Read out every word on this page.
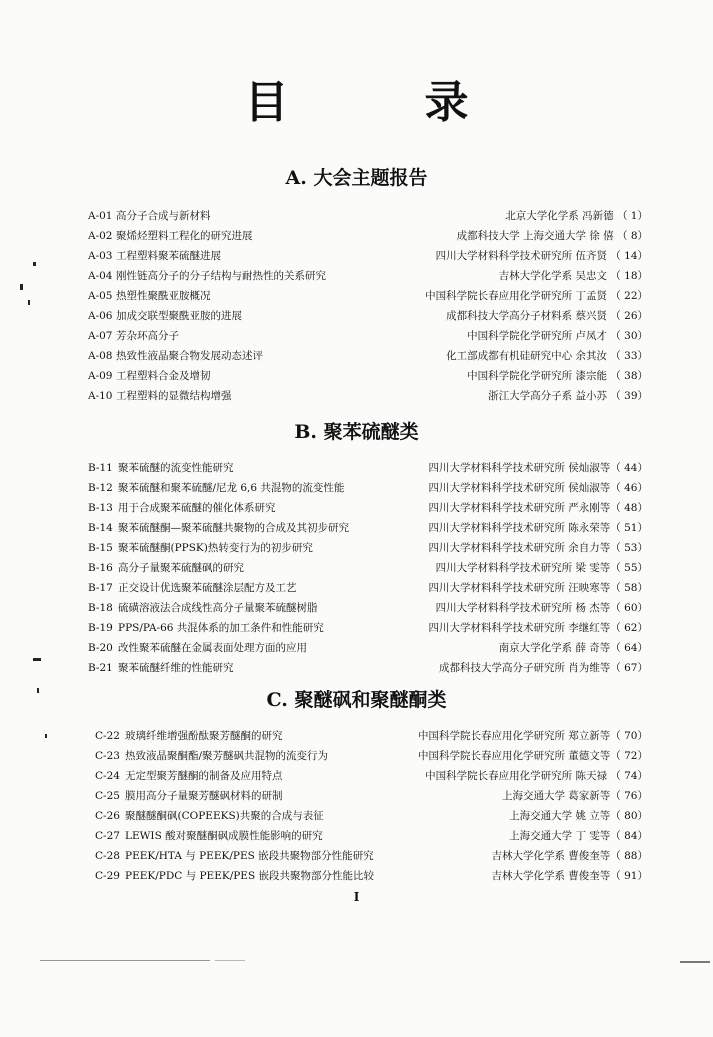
目　录
A. 大会主题报告
A-01 高分子合成与新材料	北京大学化学系 冯新德 （ 1）
A-02 聚烯烃塑料工程化的研究进展	成都科技大学 上海交通大学 徐 僖 （ 8）
A-03 工程塑料聚苯硫醚进展	四川大学材料科学技术研究所 伍齐贤 （ 14）
A-04 刚性链高分子的分子结构与耐热性的关系研究	吉林大学化学系 吴忠文 （ 18）
A-05 热塑性聚酰亚胺概况	中国科学院长春应用化学研究所 丁孟贤 （ 22）
A-06 加成交联型聚酰亚胺的进展	成都科技大学高分子材料系 蔡兴贤 （ 26）
A-07 芳杂环高分子	中国科学院化学研究所 卢凤才 （ 30）
A-08 热致性液晶聚合物发展动态述评	化工部成都有机硅研究中心 余其汝 （ 33）
A-09 工程塑料合金及增韧	中国科学院化学研究所 漆宗能 （ 38）
A-10 工程塑料的显微结构增强	浙江大学高分子系 益小苏 （ 39）
B. 聚苯硫醚类
B-11 聚苯硫醚的流变性能研究	四川大学材料科学技术研究所 侯灿淑等（ 44）
B-12 聚苯硫醚和聚苯硫醚/尼龙 6,6 共混物的流变性能	四川大学材料科学技术研究所 侯灿淑等（ 46）
B-13 用于合成聚苯硫醚的催化体系研究	四川大学材料科学技术研究所 严永刚等（ 48）
B-14 聚苯硫醚酮—聚苯硫醚共聚物的合成及其初步研究	四川大学材料科学技术研究所 陈永荣等（ 51）
B-15 聚苯硫醚酮(PPSK)热转变行为的初步研究	四川大学材料科学技术研究所 余自力等（ 53）
B-16 高分子量聚苯硫醚砜的研究	四川大学材料科学技术研究所 梁 雯等（ 55）
B-17 正交设计优选聚苯硫醚涂层配方及工艺	四川大学材料科学技术研究所 汪映寒等（ 58）
B-18 硫磺溶液法合成线性高分子量聚苯硫醚树脂	四川大学材料科学技术研究所 杨 杰等（ 60）
B-19 PPS/PA-66 共混体系的加工条件和性能研究	四川大学材料科学技术研究所 李继红等（ 62）
B-20 改性聚苯硫醚在金属表面处理方面的应用	南京大学化学系 薛 奇等（ 64）
B-21 聚苯硫醚纤维的性能研究	成都科技大学高分子研究所 肖为维等（ 67）
C. 聚醚砜和聚醚酮类
C-22 玻璃纤维增强酚酞聚芳醚酮的研究	中国科学院长春应用化学研究所 郑立新等（ 70）
C-23 热致液晶聚酮酯/聚芳醚砜共混物的流变行为	中国科学院长春应用化学研究所 董德文等（ 72）
C-24 无定型聚芳醚酮的制备及应用特点	中国科学院长春应用化学研究所 陈天禄 （ 74）
C-25 膜用高分子量聚芳醚砜材料的研制	上海交通大学 葛家新等（ 76）
C-26 聚醚醚酮砜(COPEEKS)共聚的合成与表征	上海交通大学 姚 立等（ 80）
C-27 LEWIS 酸对聚醚酮砜成膜性能影响的研究	上海交通大学 丁 雯等（ 84）
C-28 PEEK/HTA 与 PEEK/PES 嵌段共聚物部分性能研究	吉林大学化学系 曹俊奎等（ 88）
C-29 PEEK/PDC 与 PEEK/PES 嵌段共聚物部分性能比较	吉林大学化学系 曹俊奎等（ 91）
I
